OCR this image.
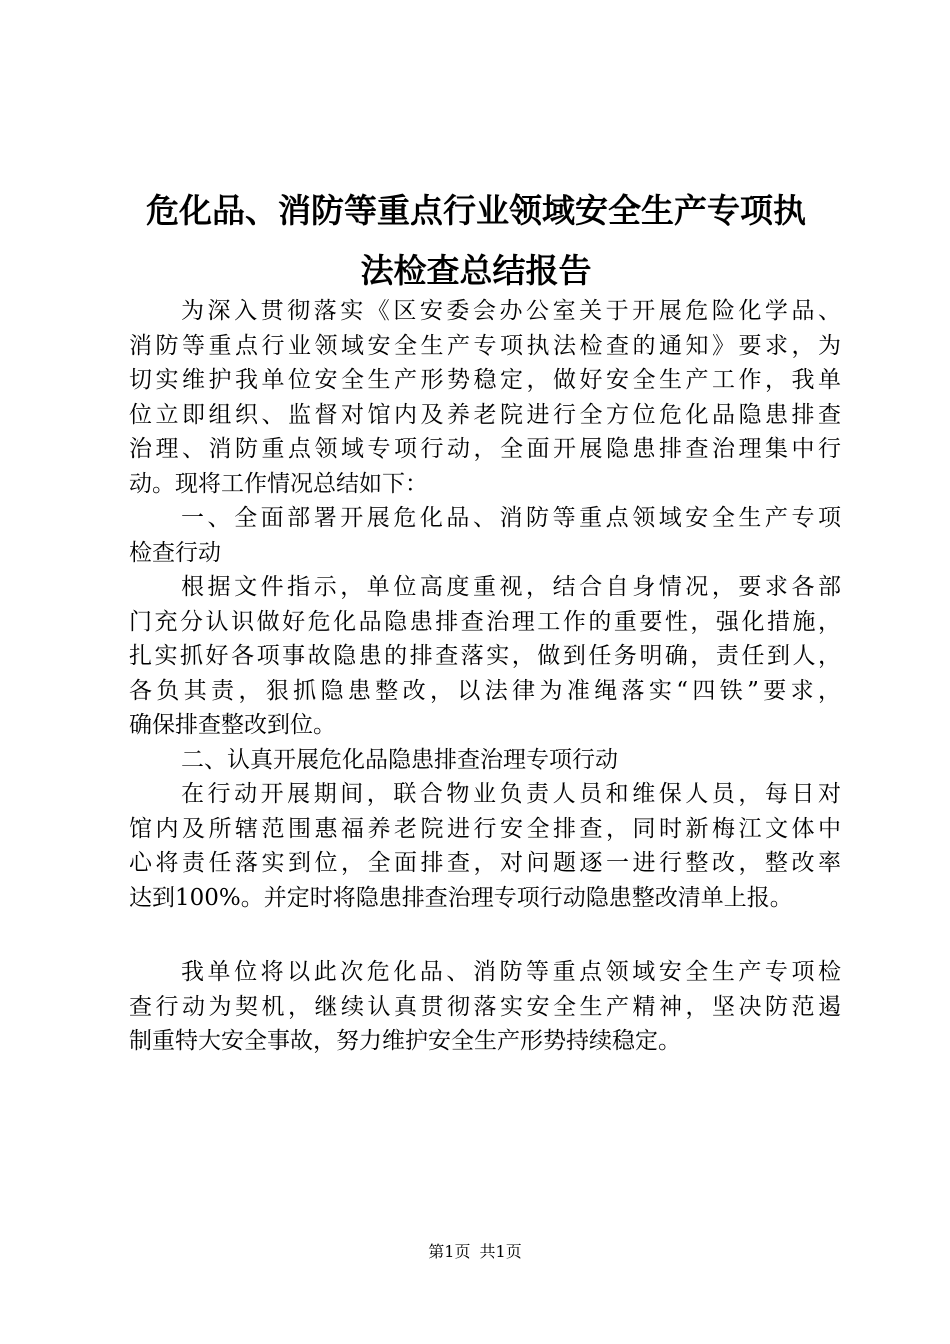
危化品、消防等重点行业领域安全生产专项执
法检查总结报告
为深入贯彻落实《区安委会办公室关于开展危险化学品、
消防等重点行业领域安全生产专项执法检查的通知》要求，为
切实维护我单位安全生产形势稳定，做好安全生产工作，我单
位立即组织、监督对馆内及养老院进行全方位危化品隐患排查
治理、消防重点领域专项行动，全面开展隐患排查治理集中行
动。现将工作情况总结如下：
一、全面部署开展危化品、消防等重点领域安全生产专项
检查行动
根据文件指示，单位高度重视，结合自身情况，要求各部
门充分认识做好危化品隐患排查治理工作的重要性，强化措施，
扎实抓好各项事故隐患的排查落实，做到任务明确，责任到人，
各负其责，狠抓隐患整改，以法律为准绳落实“四铁”要求，
确保排查整改到位。
二、认真开展危化品隐患排查治理专项行动
在行动开展期间，联合物业负责人员和维保人员，每日对
馆内及所辖范围惠福养老院进行安全排查，同时新梅江文体中
心将责任落实到位，全面排查，对问题逐一进行整改，整改率
达到100%。并定时将隐患排查治理专项行动隐患整改清单上报。
我单位将以此次危化品、消防等重点领域安全生产专项检
查行动为契机，继续认真贯彻落实安全生产精神，坚决防范遏
制重特大安全事故，努力维护安全生产形势持续稳定。
第1页 共1页
